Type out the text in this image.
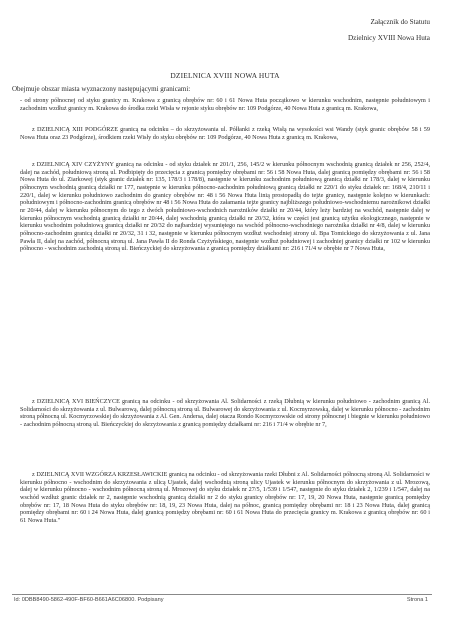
Załącznik do Statutu
Dzielnicy XVIII Nowa Huta
DZIELNICA XVIII NOWA HUTA
Obejmuje obszar miasta wyznaczony następującymi granicami:

- od strony północnej od styku granicy m. Krakowa z granicą obrębów nr: 60 i 61 Nowa Huta początkowo w kierunku wschodnim, następnie południowym i zachodnim wzdłuż granicy m. Krakowa do środka rzeki Wisła w rejonie styku obrębów nr: 109 Podgórze, 40 Nowa Huta z granicą m. Krakowa,

z DZIELNICĄ XIII PODGÓRZE granicą na odcinku – do skrzyżowania ul. Półłanki z rzeką Wisłą na wysokości wsi Wandy (styk granic obrębów 58 i 59 Nowa Huta oraz 23 Podgórze), środkiem rzeki Wisły do styku obrębów nr: 109 Podgórze, 40 Nowa Huta z granicą m. Krakowa,

z DZIELNICĄ XIV CZYŻYNY granicą na odcinku - od styku działek nr 201/1, 256, 145/2 w kierunku północnym wschodnią granicą działek nr 256, 252/4, dalej na zachód, południową stroną ul. Podbipięty do przecięcia z granicą pomiędzy obrębami nr: 56 i 58 Nowa Huta, dalej granicą pomiędzy obrębami nr: 56 i 58 Nowa Huta do ul. Ziarkowej (styk granic działek nr: 135, 178/3 i 178/8), następnie w kierunku zachodnim południową granicą działki nr 178/3, dalej w kierunku północnym wschodnią granicą działki nr 177, następnie w kierunku północno-zachodnim południową granicą działki nr 220/1 do styku działek nr: 168/4, 210/11 i 220/1, dalej w kierunku południowo zachodnim do granicy obrębów nr: 48 i 56 Nowa Huta linią prostopadłą do tejże granicy, następnie kolejno w kierunkach: południowym i północno-zachodnim granicą obrębów nr 48 i 56 Nowa Huta do załamania tejże granicy najbliższego południowo-wschodniemu narożnikowi działki nr 20/44, dalej w kierunku północnym do tego z dwóch południowo-wschodnich narożników działki nr 20/44, który leży bardziej na wschód, następnie dalej w kierunku północnym wschodnią granicą działki nr 20/44, dalej wschodnią granicą działki nr 20/32, która w części jest granicą użytku ekologicznego, następnie w kierunku wschodnim południową granicą działki nr 20/32 do najbardziej wysuniętego na wschód północno-wschodniego narożnika działki nr 4/8, dalej w kierunku północno-zachodnim granicą działki nr 20/32, 31 i 32, następnie w kierunku północnym wzdłuż wschodniej strony ul. Bpa Tomickiego do skrzyżowania z ul. Jana Pawła II, dalej na zachód, północną stroną ul. Jana Pawła II do Ronda Czyżyńskiego, następnie wzdłuż południowej i zachodniej granicy działki nr 102 w kierunku północno - wschodnim zachodnią stroną ul. Bieńczyckiej do skrzyżowania z granicą pomiędzy działkami nr: 216 i 71/4 w obrębie nr 7 Nowa Huta,

z DZIELNICĄ XVI BIEŃCZYCE granicą na odcinku - od skrzyżowania Al. Solidarności z rzeką Dłubnią w kierunku południowo - zachodnim granicą Al. Solidarności do skrzyżowania z ul. Bulwarową, dalej północną stroną ul. Bulwarowej do skrzyżowania z ul. Kocmyrzowską, dalej w kierunku północno - zachodnim stroną północną ul. Kocmyrzowskiej do skrzyżowania z Al. Gen. Andersa, dalej otacza Rondo Kocmyrzowskie od strony północnej i biegnie w kierunku południowo - zachodnim północną stroną ul. Bieńczyckiej do skrzyżowania z granicą pomiędzy działkami nr: 216 i 71/4 w obrębie nr 7,

z DZIELNICĄ XVII WZGÓRZA KRZESŁAWICKIE granicą na odcinku - od skrzyżowania rzeki Dłubni z Al. Solidarności północną stroną Al. Solidarności w kierunku północno - wschodnim do skrzyżowania z ulicą Ujastek, dalej wschodnią stroną ulicy Ujastek w kierunku północnym do skrzyżowania z ul. Mrozową, dalej w kierunku północno - wschodnim północną stroną ul. Mrozowej do styku działek nr 27/5, 1/539 i 1/547, następnie do styku działek 2, 1/239 i 1/547, dalej na wschód wzdłuż granic działek nr 2, następnie wschodnią granicą działki nr 2 do styku granicy obrębów nr: 17, 19, 20 Nowa Huta, następnie granicą pomiędzy obrębów nr: 17, 18 Nowa Huta do styku obrębów nr: 18, 19, 23 Nowa Huta, dalej na północ, granicą pomiędzy obrębami nr: 18 i 23 Nowa Huta, dalej granicą pomiędzy obrębami nr: 60 i 24 Nowa Huta, dalej granicą pomiędzy obrębami nr: 60 i 61 Nowa Huta do przecięcia granicy m. Krakowa z granicą obrębów nr: 60 i 61 Nowa Huta."

Id: 0DBB8490-5862-490F-BF60-B661A6C06800. Podpisany	Strona 1
